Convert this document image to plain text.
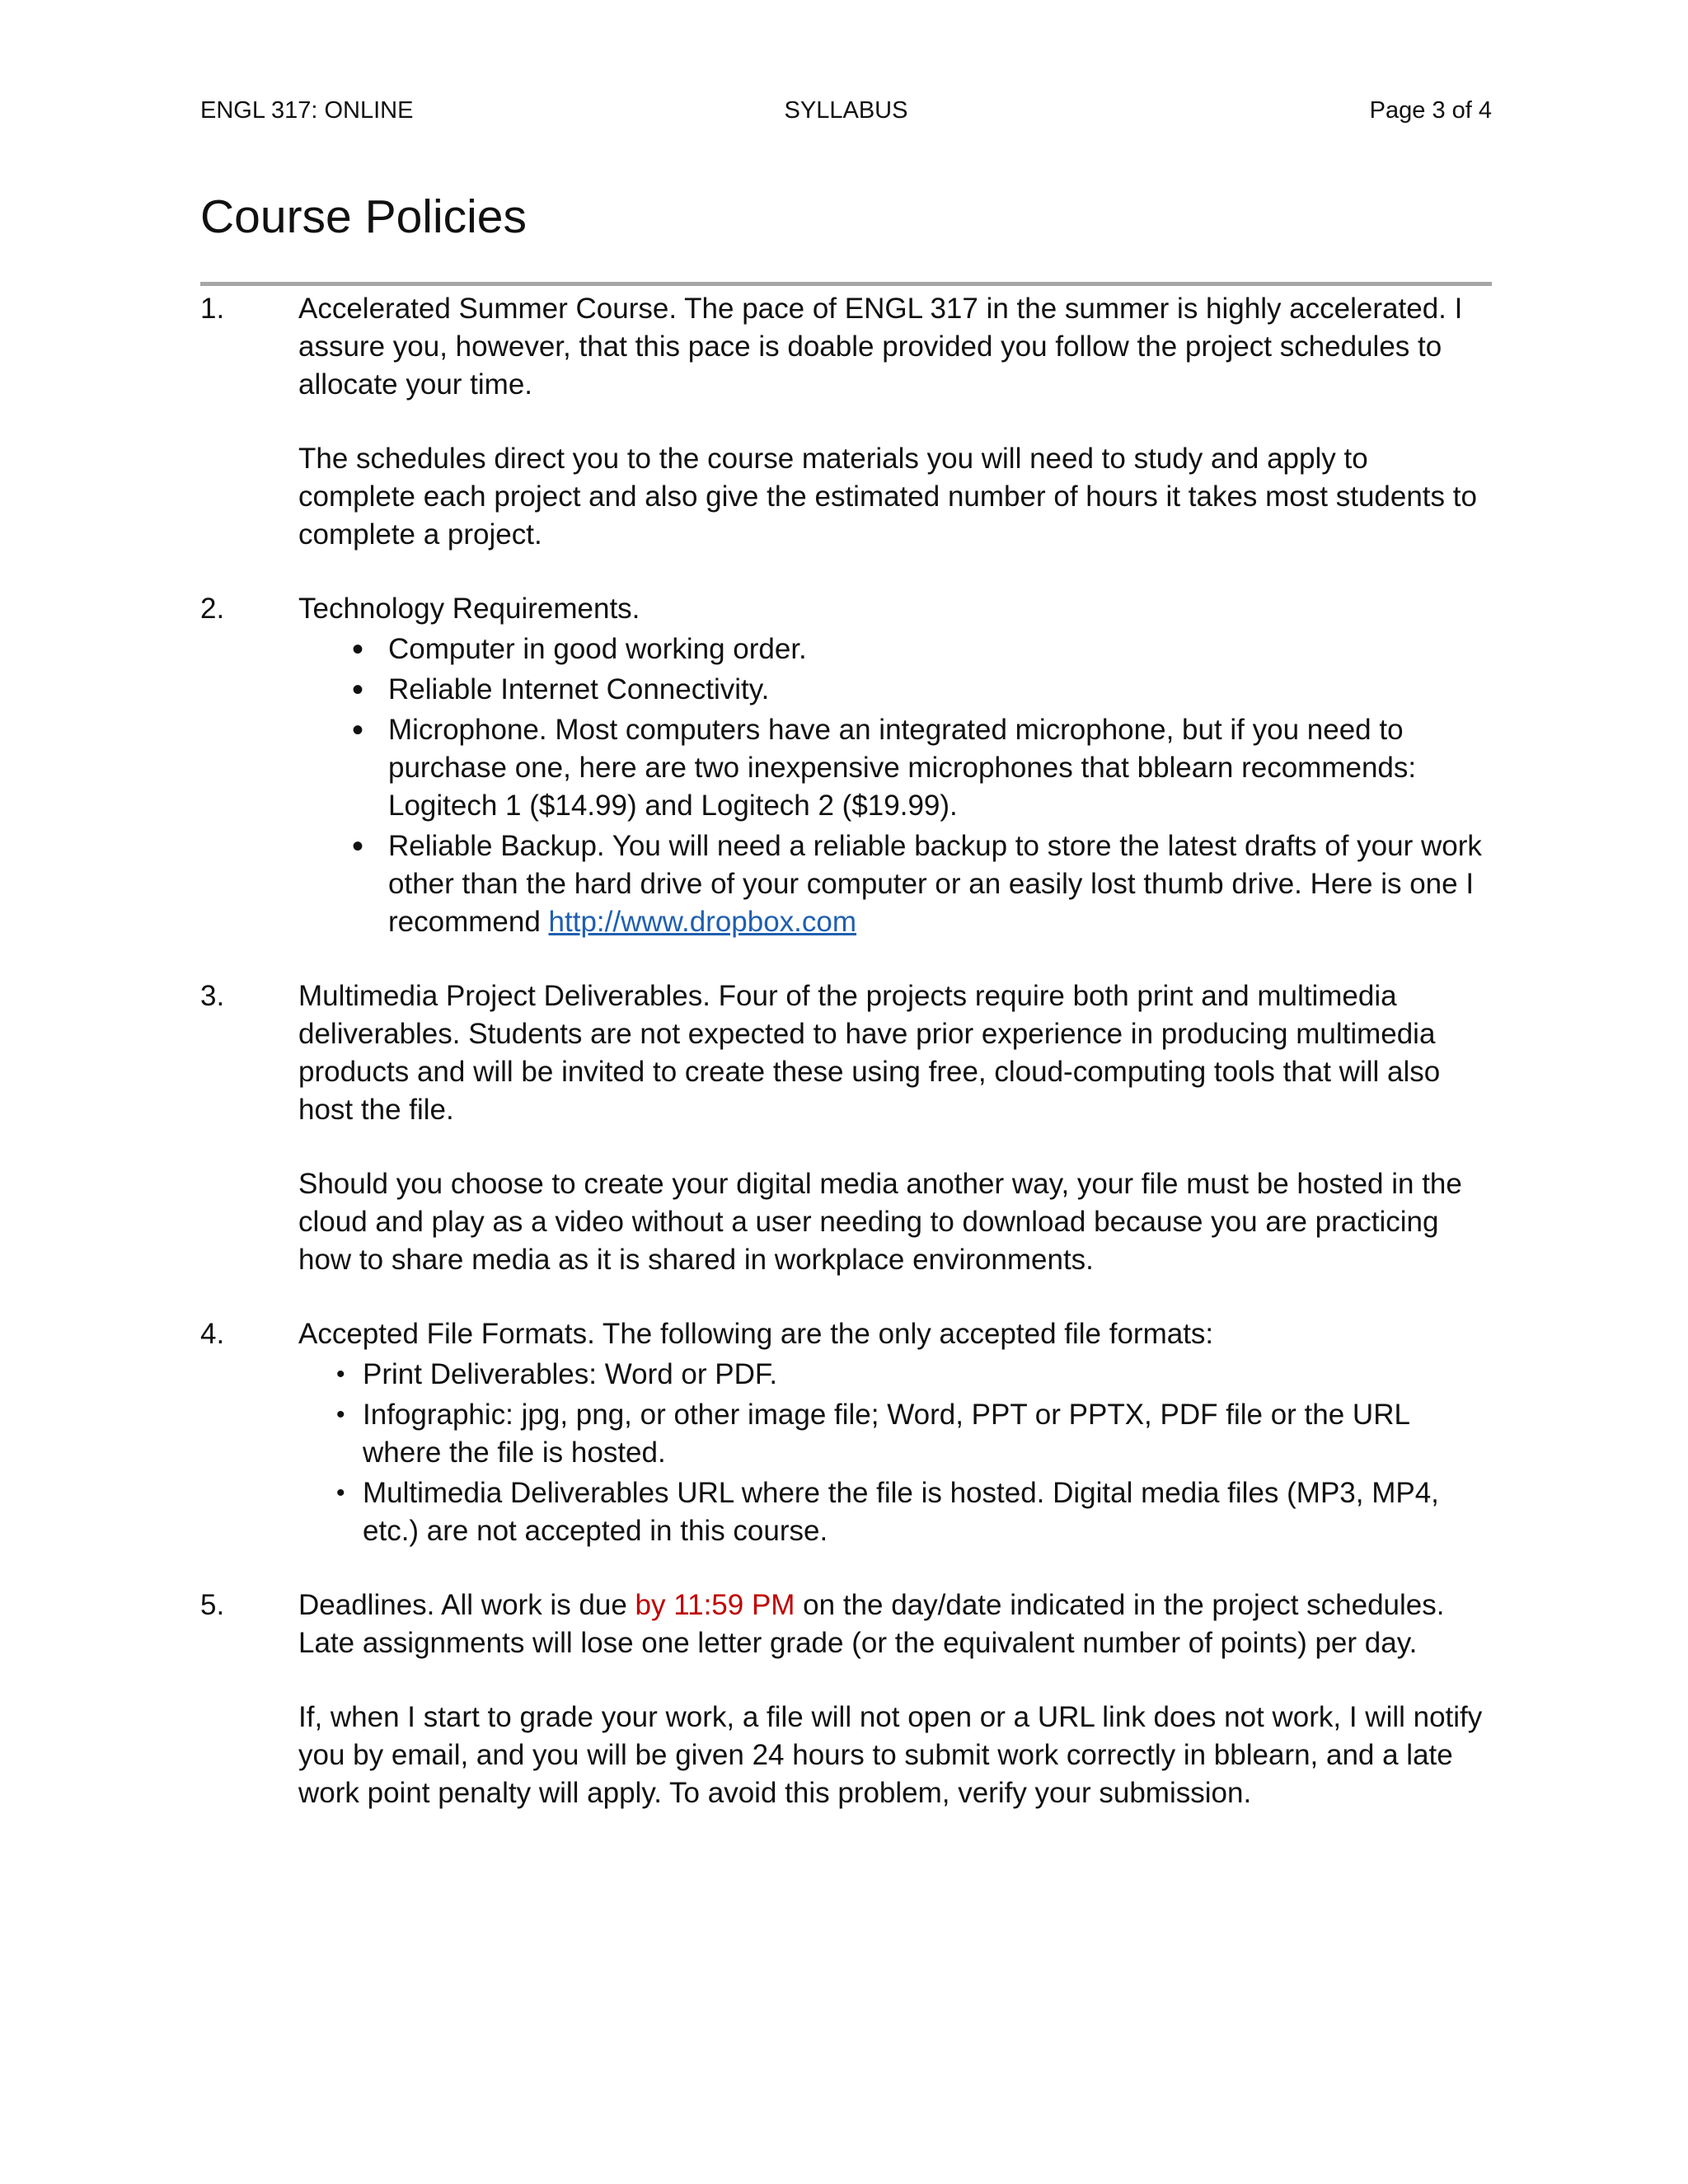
ENGL 317: ONLINE	SYLLABUS	Page 3 of 4
Course Policies
1.	Accelerated Summer Course. The pace of ENGL 317 in the summer is highly accelerated. I assure you, however, that this pace is doable provided you follow the project schedules to allocate your time.

The schedules direct you to the course materials you will need to study and apply to complete each project and also give the estimated number of hours it takes most students to complete a project.

2.	Technology Requirements.
• Computer in good working order.
• Reliable Internet Connectivity.
• Microphone. Most computers have an integrated microphone, but if you need to purchase one, here are two inexpensive microphones that bblearn recommends: Logitech 1 ($14.99) and Logitech 2 ($19.99).
• Reliable Backup. You will need a reliable backup to store the latest drafts of your work other than the hard drive of your computer or an easily lost thumb drive. Here is one I recommend http://www.dropbox.com
3.	Multimedia Project Deliverables. Four of the projects require both print and multimedia deliverables. Students are not expected to have prior experience in producing multimedia products and will be invited to create these using free, cloud-computing tools that will also host the file.

Should you choose to create your digital media another way, your file must be hosted in the cloud and play as a video without a user needing to download because you are practicing how to share media as it is shared in workplace environments.

4.	Accepted File Formats. The following are the only accepted file formats:
• Print Deliverables: Word or PDF.
• Infographic: jpg, png, or other image file; Word, PPT or PPTX, PDF file or the URL where the file is hosted.
• Multimedia Deliverables URL where the file is hosted. Digital media files (MP3, MP4, etc.) are not accepted in this course.
5.	Deadlines. All work is due by 11:59 PM on the day/date indicated in the project schedules. Late assignments will lose one letter grade (or the equivalent number of points) per day.

If, when I start to grade your work, a file will not open or a URL link does not work, I will notify you by email, and you will be given 24 hours to submit work correctly in bblearn, and a late work point penalty will apply. To avoid this problem, verify your submission.
